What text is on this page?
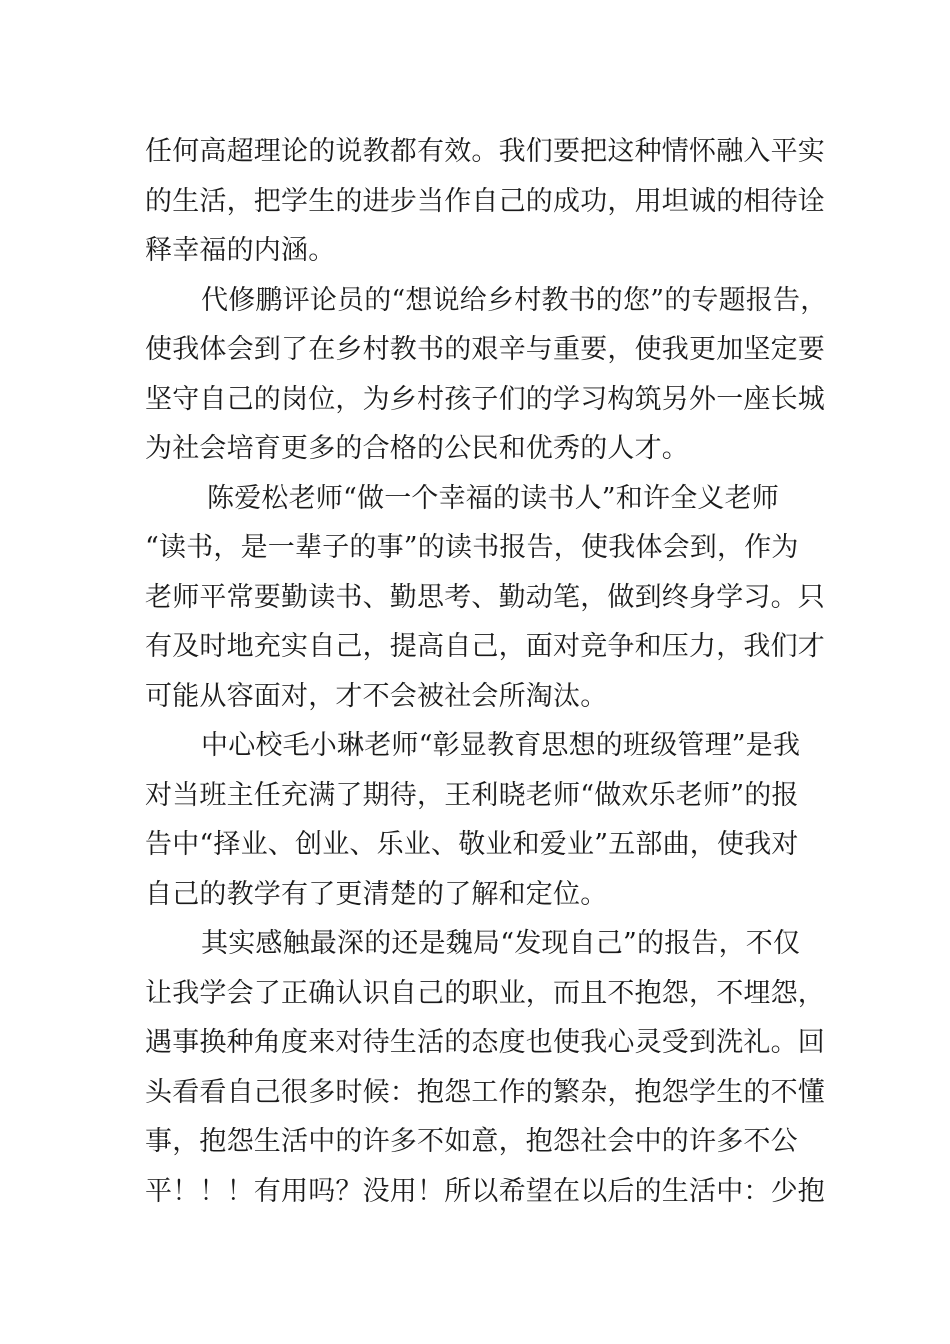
任何高超理论的说教都有效。我们要把这种情怀融入平实
的生活，把学生的进步当作自己的成功，用坦诚的相待诠
释幸福的内涵。
代修鹏评论员的“想说给乡村教书的您”的专题报告，
使我体会到了在乡村教书的艰辛与重要，使我更加坚定要
坚守自己的岗位，为乡村孩子们的学习构筑另外一座长城
为社会培育更多的合格的公民和优秀的人才。
陈爱松老师“做一个幸福的读书人”和许全义老师
“读书，是一辈子的事”的读书报告，使我体会到，作为
老师平常要勤读书、勤思考、勤动笔，做到终身学习。只
有及时地充实自己，提高自己，面对竞争和压力，我们才
可能从容面对，才不会被社会所淘汰。
中心校毛小琳老师“彰显教育思想的班级管理”是我
对当班主任充满了期待，王利晓老师“做欢乐老师”的报
告中“择业、创业、乐业、敬业和爱业”五部曲，使我对
自己的教学有了更清楚的了解和定位。
其实感触最深的还是魏局“发现自己”的报告，不仅
让我学会了正确认识自己的职业，而且不抱怨，不埋怨，
遇事换种角度来对待生活的态度也使我心灵受到洗礼。回
头看看自己很多时候：抱怨工作的繁杂，抱怨学生的不懂
事，抱怨生活中的许多不如意，抱怨社会中的许多不公
平！！！有用吗？没用！所以希望在以后的生活中：少抱
